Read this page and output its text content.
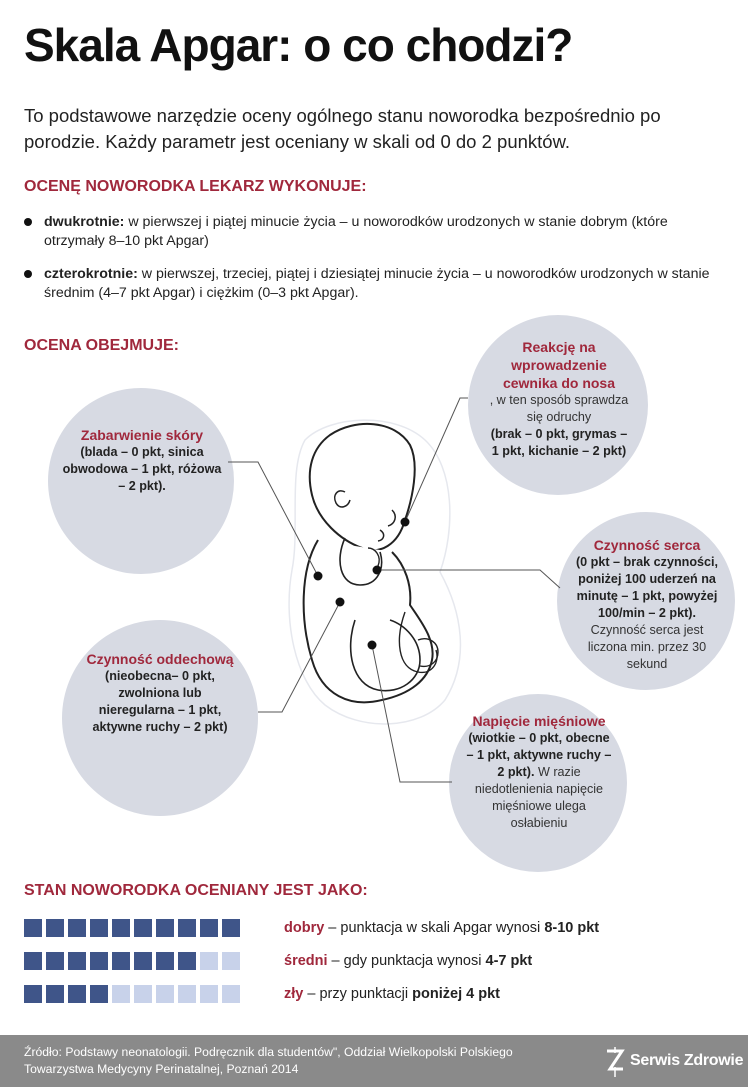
Skala Apgar: o co chodzi?
To podstawowe narzędzie oceny ogólnego stanu noworodka bezpośrednio po porodzie. Każdy parametr jest oceniany w skali od 0 do 2 punktów.
OCENĘ NOWORODKA LEKARZ WYKONUJE:
dwukrotnie: w pierwszej i piątej minucie życia – u noworodków urodzonych w stanie dobrym (które otrzymały 8–10 pkt Apgar)
czterokrotnie: w pierwszej, trzeciej, piątej i dziesiątej minucie życia – u noworodków urodzonych w stanie średnim (4–7 pkt Apgar) i ciężkim (0–3 pkt Apgar).
OCENA OBEJMUJE:
Zabarwienie skóry
(blada – 0 pkt, sinica obwodowa – 1 pkt, różowa – 2 pkt).
Reakcję na wprowadzenie cewnika do nosa
, w ten sposób sprawdza się odruchy
(brak – 0 pkt, grymas – 1 pkt, kichanie – 2 pkt)
Czynność serca
(0 pkt – brak czynności, poniżej 100 uderzeń na minutę – 1 pkt, powyżej 100/min – 2 pkt). Czynność serca jest liczona min. przez 30 sekund
Czynność oddechową
(nieobecna– 0 pkt, zwolniona lub nieregularna – 1 pkt, aktywne ruchy – 2 pkt)	Napięcie mięśniowe
(wiotkie – 0 pkt, obecne – 1 pkt, aktywne ruchy – 2 pkt). W razie niedotlenienia napięcie mięśniowe ulega osłabieniu
STAN NOWORODKA OCENIANY JEST JAKO:
dobry – punktacja w skali Apgar wynosi 8-10 pkt
średni – gdy punktacja wynosi 4-7 pkt
zły – przy punktacji poniżej 4 pkt
Źródło: Podstawy neonatologii. Podręcznik dla studentów", Oddział Wielkopolski Polskiego Towarzystwa Medycyny Perinatalnej, Poznań 2014	Serwis Zdrowie
